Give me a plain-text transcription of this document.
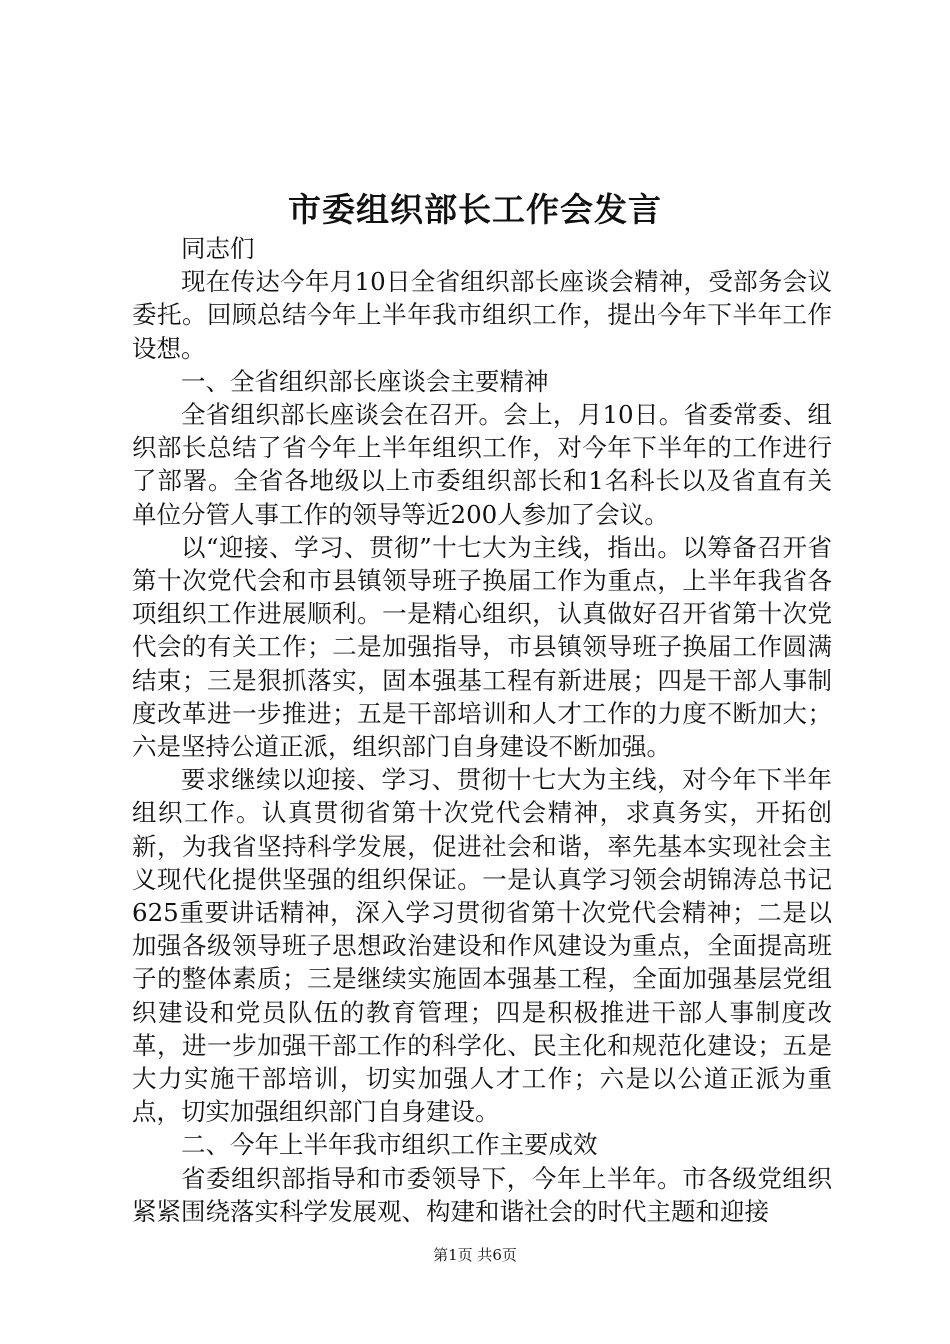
市委组织部长工作会发言

同志们

现在传达今年月10日全省组织部长座谈会精神，受部务会议委托。回顾总结今年上半年我市组织工作，提出今年下半年工作设想。

一、全省组织部长座谈会主要精神

全省组织部长座谈会在召开。会上，月10日。省委常委、组织部长总结了省今年上半年组织工作，对今年下半年的工作进行了部署。全省各地级以上市委组织部长和1名科长以及省直有关单位分管人事工作的领导等近200人参加了会议。

以“迎接、学习、贯彻”十七大为主线，指出。以筹备召开省第十次党代会和市县镇领导班子换届工作为重点，上半年我省各项组织工作进展顺利。一是精心组织，认真做好召开省第十次党代会的有关工作；二是加强指导，市县镇领导班子换届工作圆满结束；三是狠抓落实，固本强基工程有新进展；四是干部人事制度改革进一步推进；五是干部培训和人才工作的力度不断加大；六是坚持公道正派，组织部门自身建设不断加强。

要求继续以迎接、学习、贯彻十七大为主线，对今年下半年组织工作。认真贯彻省第十次党代会精神，求真务实，开拓创新，为我省坚持科学发展，促进社会和谐，率先基本实现社会主义现代化提供坚强的组织保证。一是认真学习领会胡锦涛总书记625重要讲话精神，深入学习贯彻省第十次党代会精神；二是以加强各级领导班子思想政治建设和作风建设为重点，全面提高班子的整体素质；三是继续实施固本强基工程，全面加强基层党组织建设和党员队伍的教育管理；四是积极推进干部人事制度改革，进一步加强干部工作的科学化、民主化和规范化建设；五是大力实施干部培训，切实加强人才工作；六是以公道正派为重点，切实加强组织部门自身建设。

二、今年上半年我市组织工作主要成效

省委组织部指导和市委领导下，今年上半年。市各级党组织紧紧围绕落实科学发展观、构建和谐社会的时代主题和迎接

第1页 共6页
